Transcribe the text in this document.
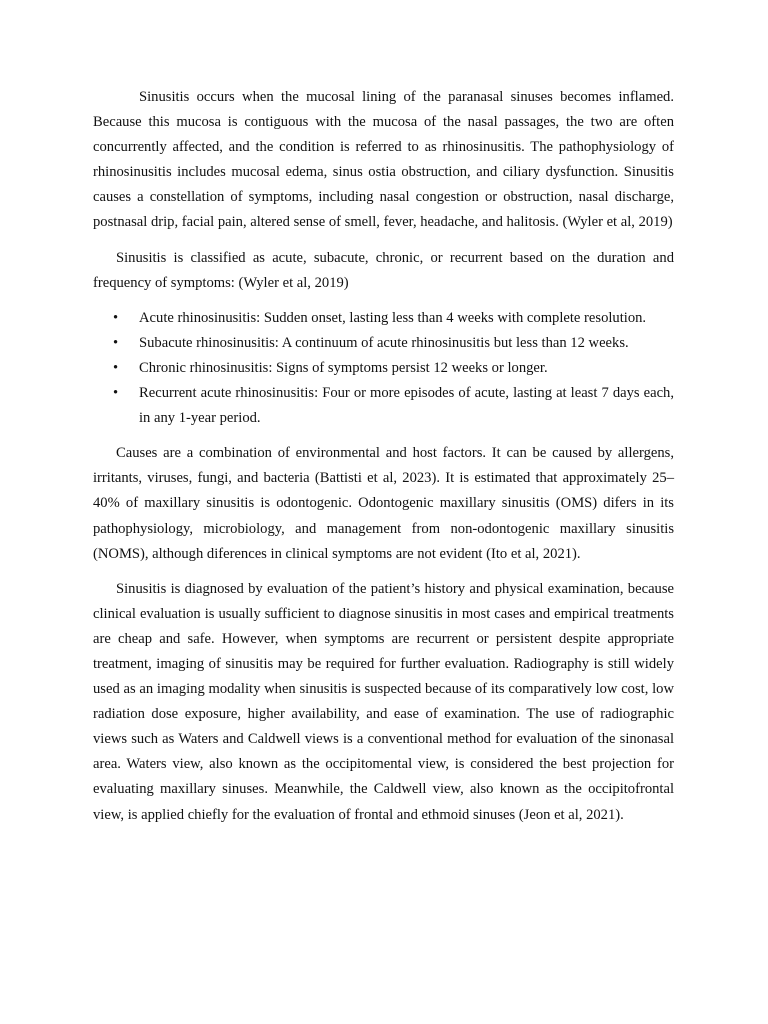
Sinusitis occurs when the mucosal lining of the paranasal sinuses becomes inflamed. Because this mucosa is contiguous with the mucosa of the nasal passages, the two are often concurrently affected, and the condition is referred to as rhinosinusitis. The pathophysiology of rhinosinusitis includes mucosal edema, sinus ostia obstruction, and ciliary dysfunction. Sinusitis causes a constellation of symptoms, including nasal congestion or obstruction, nasal discharge, postnasal drip, facial pain, altered sense of smell, fever, headache, and halitosis. (Wyler et al, 2019)

Sinusitis is classified as acute, subacute, chronic, or recurrent based on the duration and frequency of symptoms: (Wyler et al, 2019)

• Acute rhinosinusitis: Sudden onset, lasting less than 4 weeks with complete resolution.
• Subacute rhinosinusitis: A continuum of acute rhinosinusitis but less than 12 weeks.
• Chronic rhinosinusitis: Signs of symptoms persist 12 weeks or longer.
• Recurrent acute rhinosinusitis: Four or more episodes of acute, lasting at least 7 days each, in any 1-year period.

Causes are a combination of environmental and host factors. It can be caused by allergens, irritants, viruses, fungi, and bacteria (Battisti et al, 2023). It is estimated that approximately 25–40% of maxillary sinusitis is odontogenic. Odontogenic maxillary sinusitis (OMS) difers in its pathophysiology, microbiology, and management from non-odontogenic maxillary sinusitis (NOMS), although diferences in clinical symptoms are not evident (Ito et al, 2021).

Sinusitis is diagnosed by evaluation of the patient’s history and physical examination, because clinical evaluation is usually sufficient to diagnose sinusitis in most cases and empirical treatments are cheap and safe. However, when symptoms are recurrent or persistent despite appropriate treatment, imaging of sinusitis may be required for further evaluation. Radiography is still widely used as an imaging modality when sinusitis is suspected because of its comparatively low cost, low radiation dose exposure, higher availability, and ease of examination. The use of radiographic views such as Waters and Caldwell views is a conventional method for evaluation of the sinonasal area. Waters view, also known as the occipitomental view, is considered the best projection for evaluating maxillary sinuses. Meanwhile, the Caldwell view, also known as the occipitofrontal view, is applied chiefly for the evaluation of frontal and ethmoid sinuses (Jeon et al, 2021).
